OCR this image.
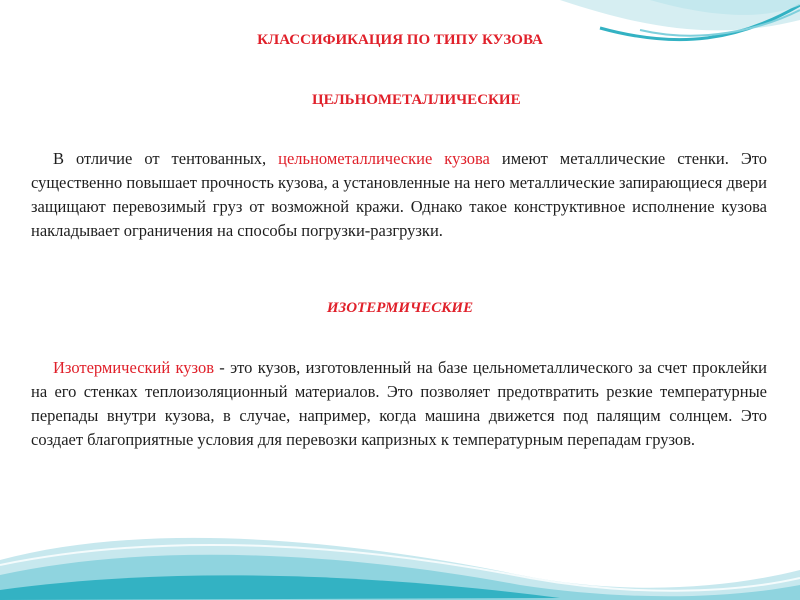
КЛАССИФИКАЦИЯ ПО ТИПУ КУЗОВА
ЦЕЛЬНОМЕТАЛЛИЧЕСКИЕ

В отличие от тентованных, цельнометаллические кузова имеют металлические стенки. Это существенно повышает прочность кузова, а установленные на него металлические запирающиеся двери защищают перевозимый груз от возможной кражи. Однако такое конструктивное исполнение кузова накладывает ограничения на способы погрузки-разгрузки.

ИЗОТЕРМИЧЕСКИЕ

Изотермический кузов - это кузов, изготовленный на базе цельнометаллического за счет проклейки на его стенках теплоизоляционный материалов. Это позволяет предотвратить резкие температурные перепады внутри кузова, в случае, например, когда машина движется под палящим солнцем. Это создает благоприятные условия для перевозки капризных к температурным перепадам грузов.
